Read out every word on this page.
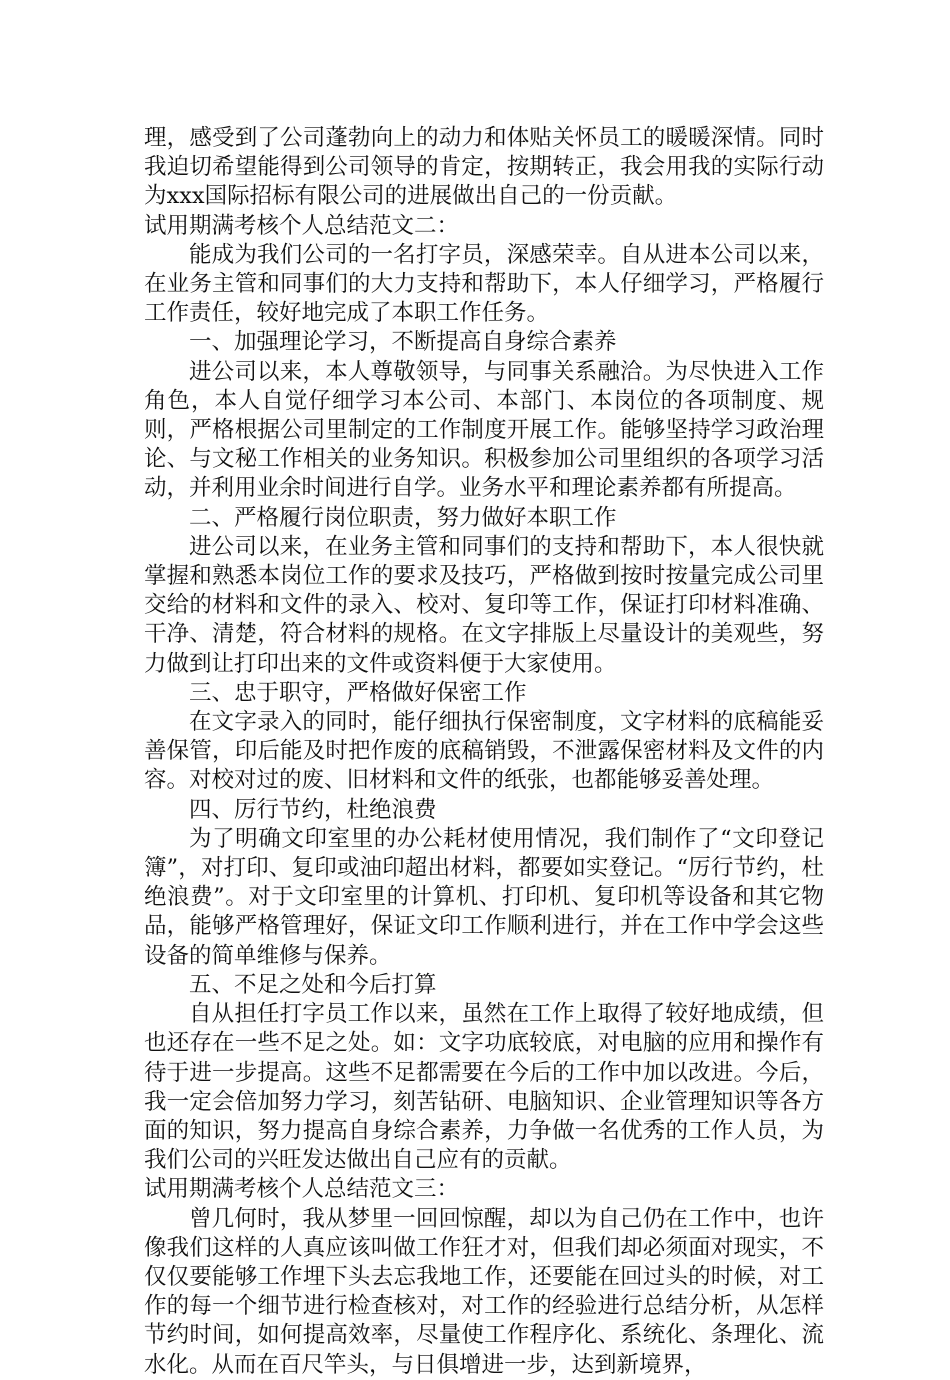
理，感受到了公司蓬勃向上的动力和体贴关怀员工的暖暖深情。同时我迫切希望能得到公司领导的肯定，按期转正，我会用我的实际行动为xxx国际招标有限公司的进展做出自己的一份贡献。

试用期满考核个人总结范文二：

能成为我们公司的一名打字员，深感荣幸。自从进本公司以来，在业务主管和同事们的大力支持和帮助下，本人仔细学习，严格履行工作责任，较好地完成了本职工作任务。

一、加强理论学习，不断提高自身综合素养

进公司以来，本人尊敬领导，与同事关系融洽。为尽快进入工作角色，本人自觉仔细学习本公司、本部门、本岗位的各项制度、规则，严格根据公司里制定的工作制度开展工作。能够坚持学习政治理论、与文秘工作相关的业务知识。积极参加公司里组织的各项学习活动，并利用业余时间进行自学。业务水平和理论素养都有所提高。

二、严格履行岗位职责，努力做好本职工作

进公司以来，在业务主管和同事们的支持和帮助下，本人很快就掌握和熟悉本岗位工作的要求及技巧，严格做到按时按量完成公司里交给的材料和文件的录入、校对、复印等工作，保证打印材料准确、干净、清楚，符合材料的规格。在文字排版上尽量设计的美观些，努力做到让打印出来的文件或资料便于大家使用。

三、忠于职守，严格做好保密工作

在文字录入的同时，能仔细执行保密制度，文字材料的底稿能妥善保管，印后能及时把作废的底稿销毁，不泄露保密材料及文件的内容。对校对过的废、旧材料和文件的纸张，也都能够妥善处理。

四、厉行节约，杜绝浪费

为了明确文印室里的办公耗材使用情况，我们制作了“文印登记簿”，对打印、复印或油印超出材料，都要如实登记。“厉行节约，杜绝浪费”。对于文印室里的计算机、打印机、复印机等设备和其它物品，能够严格管理好，保证文印工作顺利进行，并在工作中学会这些设备的简单维修与保养。

五、不足之处和今后打算

自从担任打字员工作以来，虽然在工作上取得了较好地成绩，但也还存在一些不足之处。如：文字功底较底，对电脑的应用和操作有待于进一步提高。这些不足都需要在今后的工作中加以改进。今后，我一定会倍加努力学习，刻苦钻研、电脑知识、企业管理知识等各方面的知识，努力提高自身综合素养，力争做一名优秀的工作人员，为我们公司的兴旺发达做出自己应有的贡献。

试用期满考核个人总结范文三：

曾几何时，我从梦里一回回惊醒，却以为自己仍在工作中，也许像我们这样的人真应该叫做工作狂才对，但我们却必须面对现实，不仅仅要能够工作埋下头去忘我地工作，还要能在回过头的时候，对工作的每一个细节进行检查核对，对工作的经验进行总结分析，从怎样节约时间，如何提高效率，尽量使工作程序化、系统化、条理化、流水化。从而在百尺竿头，与日俱增进一步，达到新境界，
